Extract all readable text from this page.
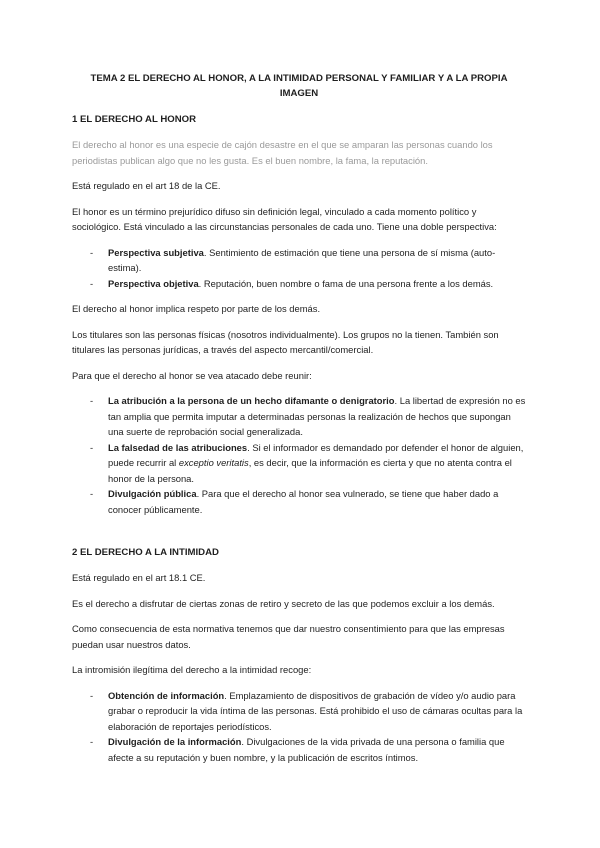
TEMA 2 EL DERECHO AL HONOR, A LA INTIMIDAD PERSONAL Y FAMILIAR Y A LA PROPIA IMAGEN
1 EL DERECHO AL HONOR

El derecho al honor es una especie de cajón desastre en el que se amparan las personas cuando los periodistas publican algo que no les gusta. Es el buen nombre, la fama, la reputación.

Está regulado en el art 18 de la CE.

El honor es un término prejurídico difuso sin definición legal, vinculado a cada momento político y sociológico. Está vinculado a las circunstancias personales de cada uno. Tiene una doble perspectiva:

- Perspectiva subjetiva. Sentimiento de estimación que tiene una persona de sí misma (auto-estima).
- Perspectiva objetiva. Reputación, buen nombre o fama de una persona frente a los demás.

El derecho al honor implica respeto por parte de los demás.

Los titulares son las personas físicas (nosotros individualmente). Los grupos no la tienen. También son titulares las personas jurídicas, a través del aspecto mercantil/comercial.

Para que el derecho al honor se vea atacado debe reunir:

- La atribución a la persona de un hecho difamante o denigratorio. La libertad de expresión no es tan amplia que permita imputar a determinadas personas la realización de hechos que supongan una suerte de reprobación social generalizada.
- La falsedad de las atribuciones. Si el informador es demandado por defender el honor de alguien, puede recurrir al exceptio veritatis, es decir, que la información es cierta y que no atenta contra el honor de la persona.
- Divulgación pública. Para que el derecho al honor sea vulnerado, se tiene que haber dado a conocer públicamente.
2 EL DERECHO A LA INTIMIDAD

Está regulado en el art 18.1 CE.

Es el derecho a disfrutar de ciertas zonas de retiro y secreto de las que podemos excluir a los demás.

Como consecuencia de esta normativa tenemos que dar nuestro consentimiento para que las empresas puedan usar nuestros datos.

La intromisión ilegítima del derecho a la intimidad recoge:

- Obtención de información. Emplazamiento de dispositivos de grabación de vídeo y/o audio para grabar o reproducir la vida íntima de las personas. Está prohibido el uso de cámaras ocultas para la elaboración de reportajes periodísticos.
- Divulgación de la información. Divulgaciones de la vida privada de una persona o familia que afecte a su reputación y buen nombre, y la publicación de escritos íntimos.
